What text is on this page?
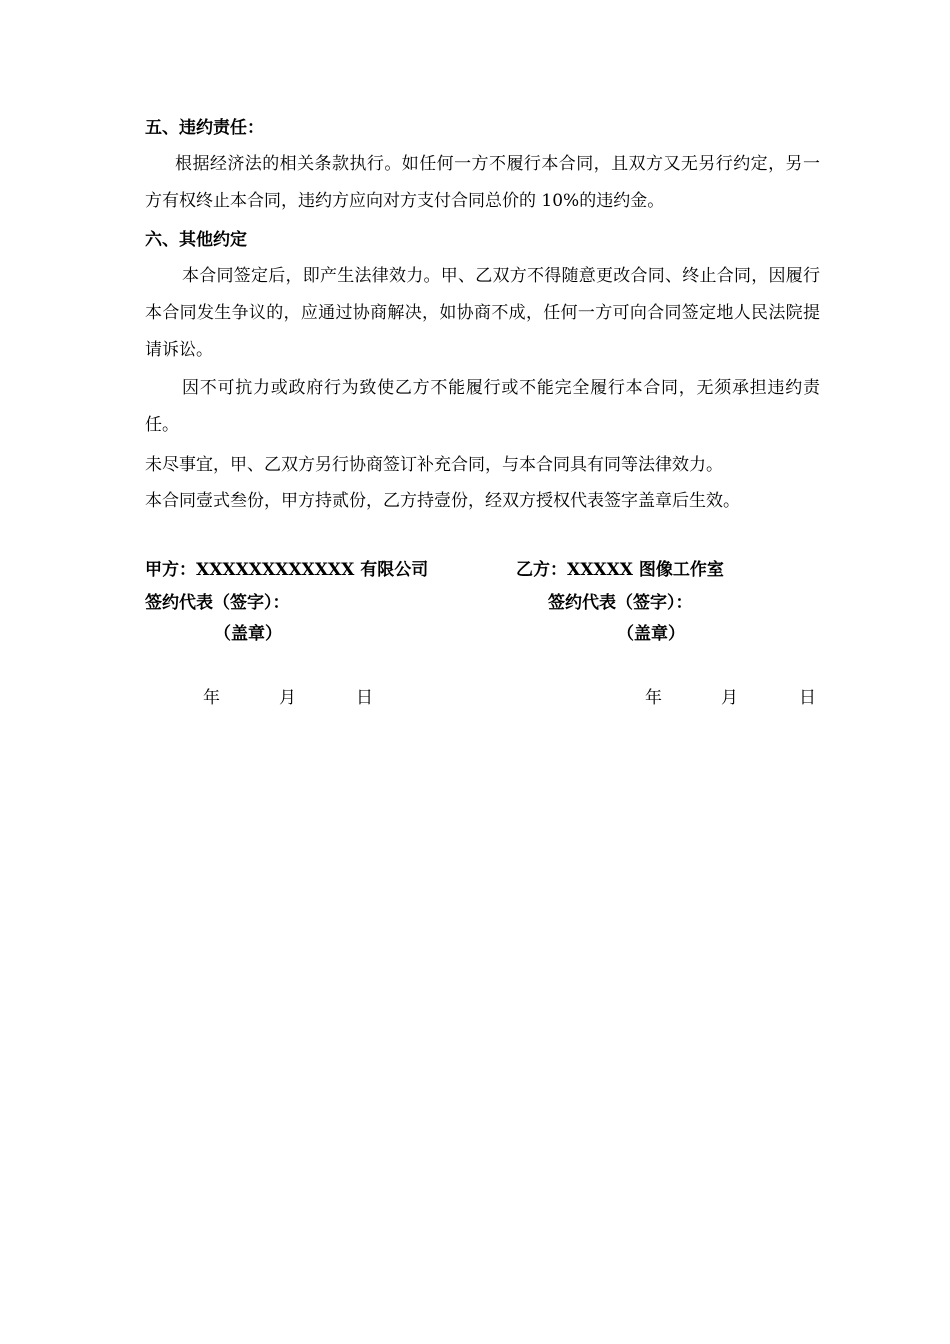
五、违约责任：

根据经济法的相关条款执行。如任何一方不履行本合同，且双方又无另行约定，另一方有权终止本合同，违约方应向对方支付合同总价的 10%的违约金。

六、其他约定

本合同签定后，即产生法律效力。甲、乙双方不得随意更改合同、终止合同，因履行本合同发生争议的，应通过协商解决，如协商不成，任何一方可向合同签定地人民法院提请诉讼。

因不可抗力或政府行为致使乙方不能履行或不能完全履行本合同，无须承担违约责任。

未尽事宜，甲、乙双方另行协商签订补充合同，与本合同具有同等法律效力。

本合同壹式叁份，甲方持贰份，乙方持壹份，经双方授权代表签字盖章后生效。

甲方：XXXXXXXXXXXX 有限公司	乙方：XXXXX 图像工作室
签约代表（签字）：	签约代表（签字）：
（盖章）	（盖章）
年	月	日	年	月	日
